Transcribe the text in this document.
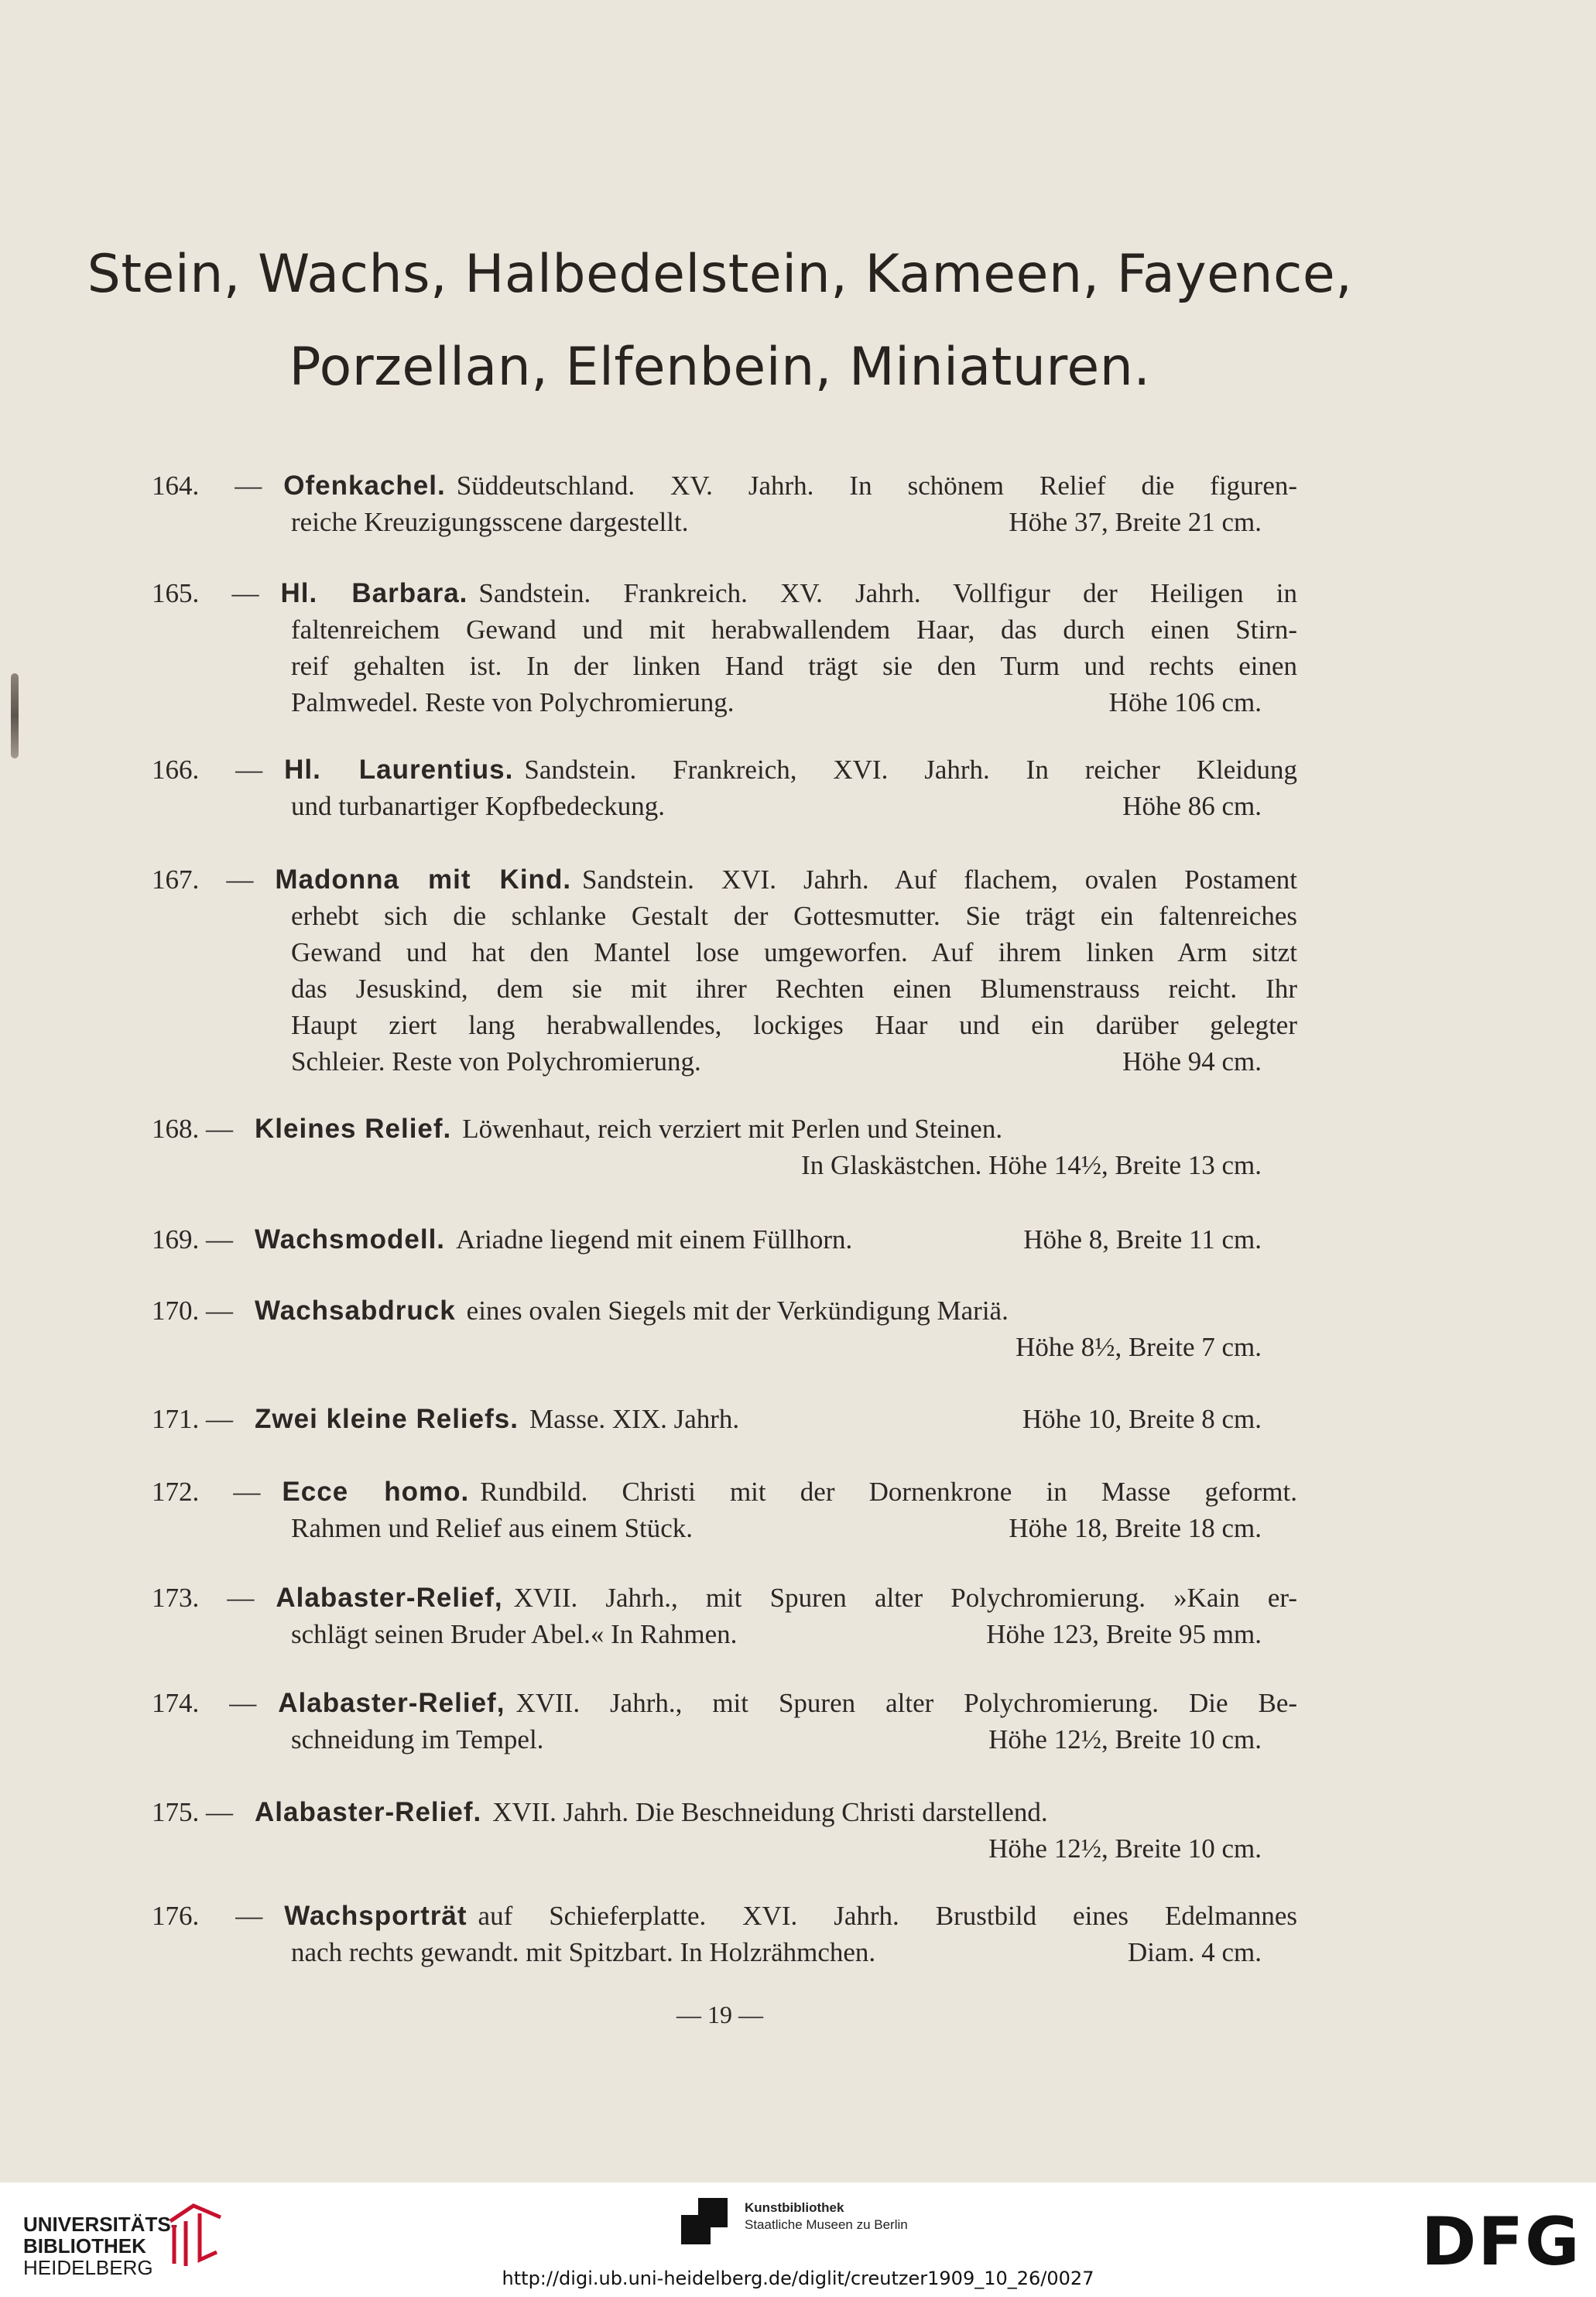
Stein, Wachs, Halbedelstein, Kameen, Fayence,
Porzellan, Elfenbein, Miniaturen.
164. — Ofenkachel. Süddeutschland. XV. Jahrh. In schönem Relief die figuren-
reiche Kreuzigungsscene dargestellt.	Höhe 37, Breite 21 cm.
165. — Hl. Barbara. Sandstein. Frankreich. XV. Jahrh. Vollfigur der Heiligen in
faltenreichem Gewand und mit herabwallendem Haar, das durch einen Stirn-
reif gehalten ist. In der linken Hand trägt sie den Turm und rechts einen
Palmwedel. Reste von Polychromierung.	Höhe 106 cm.
166. — Hl. Laurentius. Sandstein. Frankreich, XVI. Jahrh. In reicher Kleidung
und turbanartiger Kopfbedeckung.	Höhe 86 cm.
167. — Madonna mit Kind. Sandstein. XVI. Jahrh. Auf flachem, ovalen Postament
erhebt sich die schlanke Gestalt der Gottesmutter. Sie trägt ein faltenreiches
Gewand und hat den Mantel lose umgeworfen. Auf ihrem linken Arm sitzt
das Jesuskind, dem sie mit ihrer Rechten einen Blumenstrauss reicht. Ihr
Haupt ziert lang herabwallendes, lockiges Haar und ein darüber gelegter
Schleier. Reste von Polychromierung.	Höhe 94 cm.
168. — Kleines Relief. Löwenhaut, reich verziert mit Perlen und Steinen.
In Glaskästchen. Höhe 14½, Breite 13 cm.
169. — Wachsmodell. Ariadne liegend mit einem Füllhorn.	Höhe 8, Breite 11 cm.
170. — Wachsabdruck eines ovalen Siegels mit der Verkündigung Mariä.
Höhe 8½, Breite 7 cm.
171. — Zwei kleine Reliefs. Masse. XIX. Jahrh.	Höhe 10, Breite 8 cm.
172. — Ecce homo. Rundbild. Christi mit der Dornenkrone in Masse geformt.
Rahmen und Relief aus einem Stück.	Höhe 18, Breite 18 cm.
173. — Alabaster-Relief, XVII. Jahrh., mit Spuren alter Polychromierung. »Kain er-
schlägt seinen Bruder Abel.« In Rahmen.	Höhe 123, Breite 95 mm.
174. — Alabaster-Relief, XVII. Jahrh., mit Spuren alter Polychromierung. Die Be-
schneidung im Tempel.	Höhe 12½, Breite 10 cm.
175. — Alabaster-Relief. XVII. Jahrh. Die Beschneidung Christi darstellend.
Höhe 12½, Breite 10 cm.
176. — Wachsporträt auf Schieferplatte. XVI. Jahrh. Brustbild eines Edelmannes
nach rechts gewandt. mit Spitzbart. In Holzrähmchen.	Diam. 4 cm.
— 19 —
UNIVERSITÄTS-
BIBLIOTHEK
HEIDELBERG
Kunstbibliothek
Staatliche Museen zu Berlin	DFG
http://digi.ub.uni-heidelberg.de/diglit/creutzer1909_10_26/0027
